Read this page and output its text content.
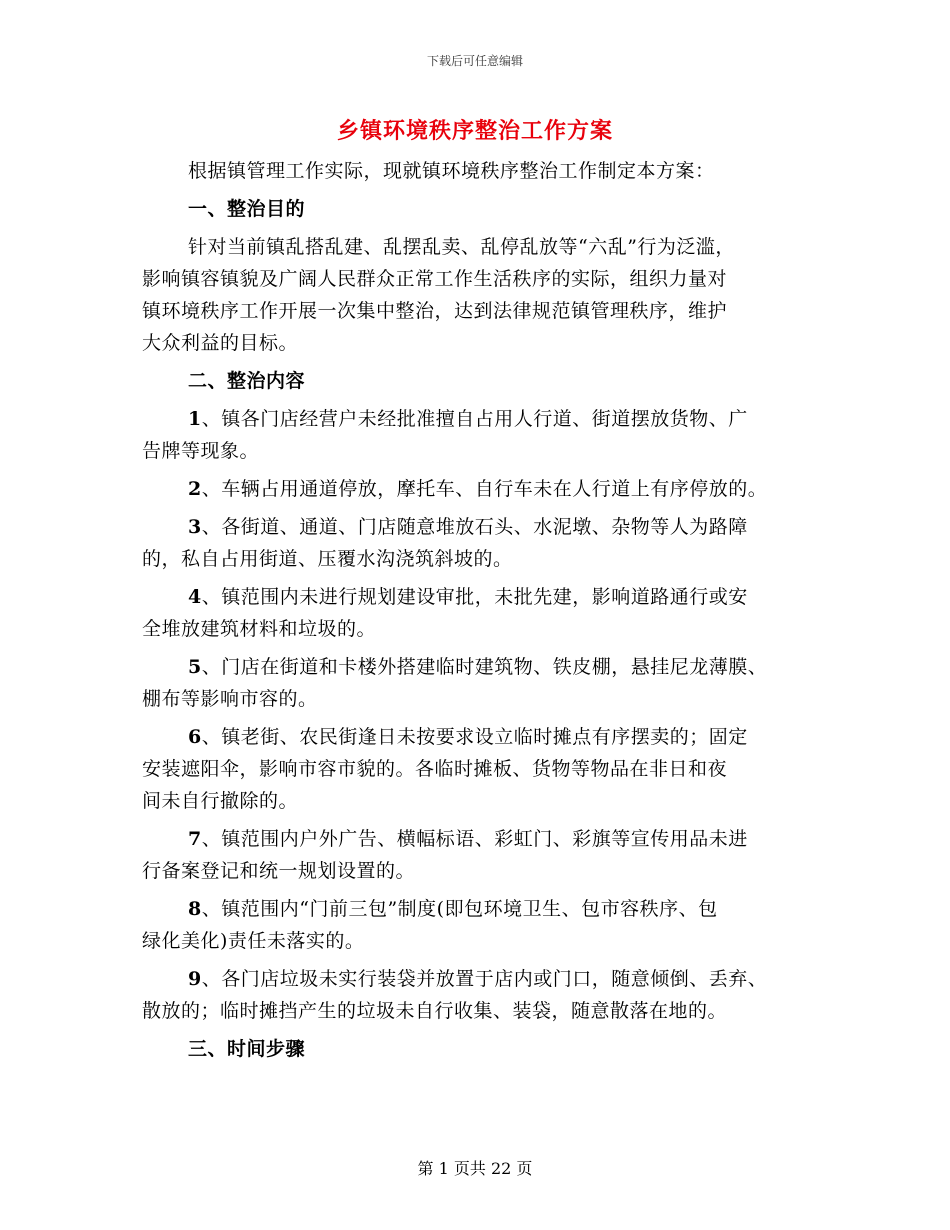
下载后可任意编辑
乡镇环境秩序整治工作方案
根据镇管理工作实际，现就镇环境秩序整治工作制定本方案：
一、整治目的
针对当前镇乱搭乱建、乱摆乱卖、乱停乱放等“六乱”行为泛滥，
影响镇容镇貌及广阔人民群众正常工作生活秩序的实际，组织力量对
镇环境秩序工作开展一次集中整治，达到法律规范镇管理秩序，维护
大众利益的目标。
二、整治内容
1、镇各门店经营户未经批准擅自占用人行道、街道摆放货物、广
告牌等现象。
2、车辆占用通道停放，摩托车、自行车未在人行道上有序停放的。
3、各街道、通道、门店随意堆放石头、水泥墩、杂物等人为路障
的，私自占用街道、压覆水沟浇筑斜坡的。
4、镇范围内未进行规划建设审批，未批先建，影响道路通行或安
全堆放建筑材料和垃圾的。
5、门店在街道和卡楼外搭建临时建筑物、铁皮棚，悬挂尼龙薄膜、
棚布等影响市容的。
6、镇老街、农民街逢日未按要求设立临时摊点有序摆卖的；固定
安装遮阳伞，影响市容市貌的。各临时摊板、货物等物品在非日和夜
间未自行撤除的。
7、镇范围内户外广告、横幅标语、彩虹门、彩旗等宣传用品未进
行备案登记和统一规划设置的。
8、镇范围内“门前三包”制度(即包环境卫生、包市容秩序、包
绿化美化)责任未落实的。
9、各门店垃圾未实行装袋并放置于店内或门口，随意倾倒、丢弃、
散放的；临时摊挡产生的垃圾未自行收集、装袋，随意散落在地的。
三、时间步骤
第 1 页共 22 页
